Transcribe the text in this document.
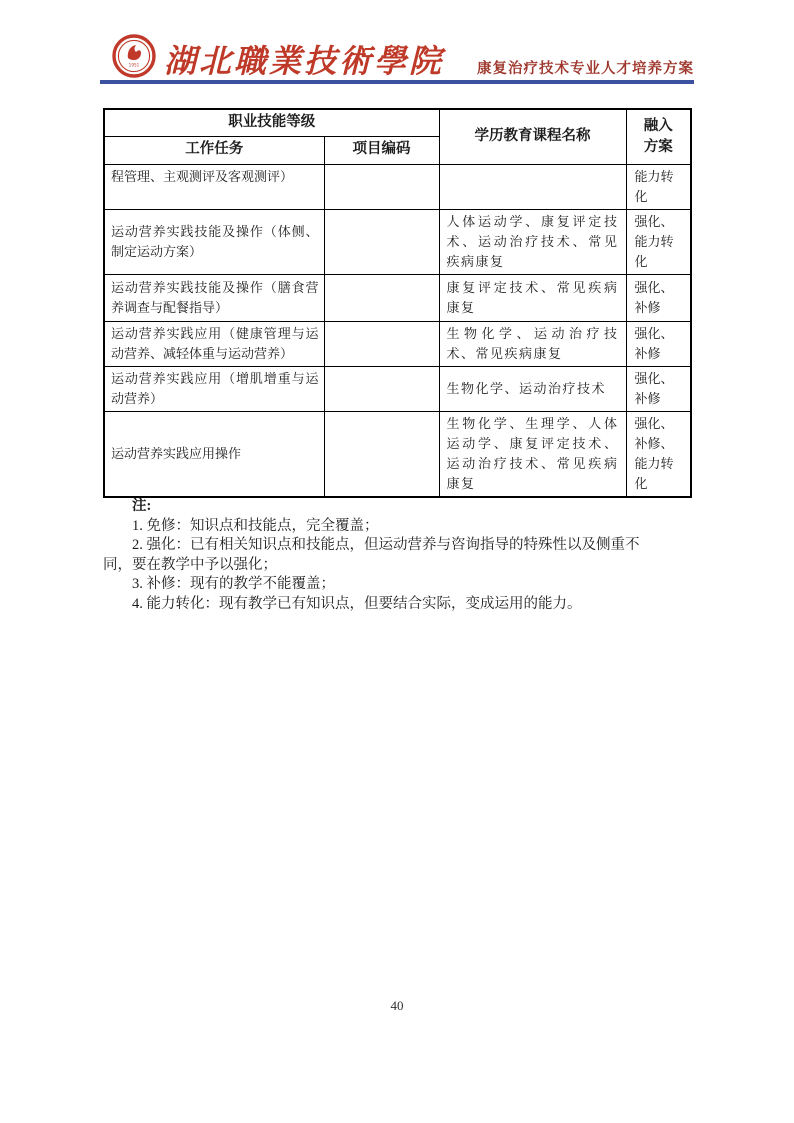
1951 湖北職業技術學院 康复治疗技术专业人才培养方案
职业技能等级		学历教育课程名称	融入方案
工作任务	项目编码		
程管理、主观测评及客观测评）			能力转化
运动营养实践技能及操作（体侧、制定运动方案）		人体运动学、康复评定技术、运动治疗技术、常见疾病康复	强化、能力转化
运动营养实践技能及操作（膳食营养调查与配餐指导）		康复评定技术、常见疾病康复	强化、补修
运动营养实践应用（健康管理与运动营养、减轻体重与运动营养）		生物化学、运动治疗技术、常见疾病康复	强化、补修
运动营养实践应用（增肌增重与运动营养）		生物化学、运动治疗技术	强化、补修
运动营养实践应用操作		生物化学、生理学、人体运动学、康复评定技术、运动治疗技术、常见疾病康复	强化、补修、能力转化

注:

1. 免修：知识点和技能点，完全覆盖；

2. 强化：已有相关知识点和技能点，但运动营养与咨询指导的特殊性以及侧重不同，要在教学中予以强化；

3. 补修：现有的教学不能覆盖；

4. 能力转化：现有教学已有知识点，但要结合实际，变成运用的能力。

40
